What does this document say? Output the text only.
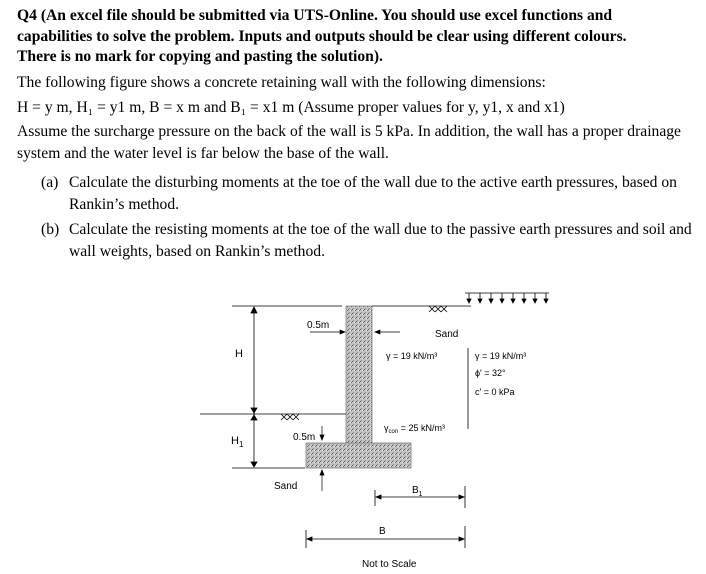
Q4 (An excel file should be submitted via UTS-Online. You should use excel functions and
capabilities to solve the problem. Inputs and outputs should be clear using different colours.
There is no mark for copying and pasting the solution).

The following figure shows a concrete retaining wall with the following dimensions:

H = y m, H₁ = y1 m, B = x m and B₁ = x1 m (Assume proper values for y, y1, x and x1)

Assume the surcharge pressure on the back of the wall is 5 kPa. In addition, the wall has a proper drainage system and the water level is far below the base of the wall.

(a) Calculate the disturbing moments at the toe of the wall due to the active earth pressures, based on Rankin’s method.
(b) Calculate the resisting moments at the toe of the wall due to the passive earth pressures and soil and wall weights, based on Rankin’s method.
H
$H_1$
0.5m
0.5m
Sand
γ = 19 kN/m³	γ = 19 kN/m³
ϕ′ = 32°
c′ = 0 kPa
$\gamma_{con} = 25$ kN/m³
Sand	$B_1$
B
Not to Scale
